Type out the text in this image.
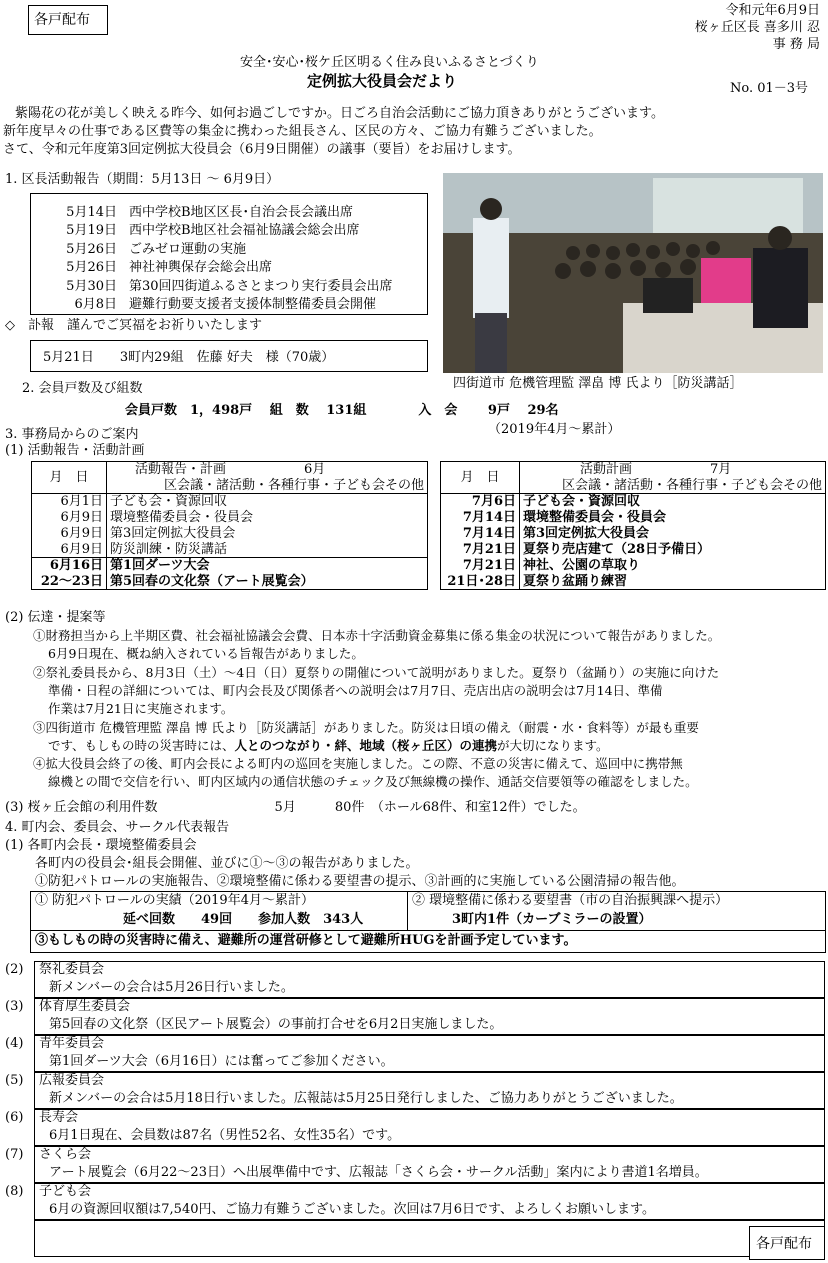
各戸配布
令和元年6月9日
桜ヶ丘区長 喜多川 忍
事 務 局
安全･安心･桜ケ丘区明るく住み良いふるさとづくり
定例拡大役員会だより	No. 01－3号
紫陽花の花が美しく映える昨今、如何お過ごしですか。日ごろ自治会活動にご協力頂きありがとうございます。
新年度早々の仕事である区費等の集金に携わった組長さん、区民の方々、ご協力有難うございました。
さて、令和元年度第3回定例拡大役員会（6月9日開催）の議事（要旨）をお届けします。
1. 区長活動報告（期間：5月13日 ～ 6月9日）
5月14日 西中学校B地区区長･自治会長会議出席
5月19日 西中学校B地区社会福祉協議会総会出席
5月26日 ごみゼロ運動の実施
5月26日 神社神輿保存会総会出席
5月30日 第30回四街道ふるさとまつり実行委員会出席
6月8日 避難行動要支援者支援体制整備委員会開催
◇　訃報　謹んでご冥福をお祈りいたします
5月21日　　3町内29組　佐藤 好夫　様（70歳）
四街道市 危機管理監 澤畠 博 氏より［防災講話］
2. 会員戸数及び組数
会員戸数　1，498戸　 組　数　 131組　　　　入　会　　 9戸　 29名
（2019年4月～累計）
3. 事務局からのご案内
(1) 活動報告・活動計画
月　日	活動報告・計画　　　　　　6月
	区会議・諸活動・各種行事・子ども会その他
6月1日	子ども会・資源回収
6月9日	環境整備委員会・役員会
6月9日	第3回定例拡大役員会
6月9日	防災訓練・防災講話
6月16日	第1回ダーツ大会
22～23日	第5回春の文化祭（アート展覧会）
月　日	活動計画　　　　　　7月
	区会議・諸活動・各種行事・子ども会その他
7月6日	子ども会・資源回収
7月14日	環境整備委員会・役員会
7月14日	第3回定例拡大役員会
7月21日	夏祭り売店建て（28日予備日）
7月21日	神社、公園の草取り
21日･28日	夏祭り盆踊り練習
(2) 伝達・提案等
①財務担当から上半期区費、社会福祉協議会会費、日本赤十字活動資金募集に係る集金の状況について報告がありました。
6月9日現在、概ね納入されている旨報告がありました。
②祭礼委員長から、8月3日（土）～4日（日）夏祭りの開催について説明がありました。夏祭り（盆踊り）の実施に向けた
準備・日程の詳細については、町内会長及び関係者への説明会は7月7日、売店出店の説明会は7月14日、準備
作業は7月21日に実施されます。
③四街道市 危機管理監 澤畠 博 氏より［防災講話］がありました。防災は日頃の備え（耐震・水・食料等）が最も重要
です、もしもの時の災害時には、人とのつながり・絆、地域（桜ヶ丘区）の連携が大切になります。
④拡大役員会終了の後、町内会長による町内の巡回を実施しました。この際、不意の災害に備えて、巡回中に携帯無
線機との間で交信を行い、町内区域内の通信状態のチェック及び無線機の操作、通話交信要領等の確認をしました。
(3) 桜ヶ丘会館の利用件数　　　　　　　　　5月　　　80件　（ホール68件、和室12件）でした。
4. 町内会、委員会、サークル代表報告
(1) 各町内会長・環境整備委員会
各町内の役員会･組長会開催、並びに①～③の報告がありました。
①防犯パトロールの実施報告、②環境整備に係わる要望書の提示、③計画的に実施している公園清掃の報告他。
① 防犯パトロールの実績（2019年4月～累計）
延べ回数　　49回　　参加人数　343人
② 環境整備に係わる要望書（市の自治振興課へ提示）
3町内1件（カーブミラーの設置）
③もしもの時の災害時に備え、避難所の運営研修として避難所HUGを計画予定しています。
(2)	祭礼委員会
新メンバーの会合は5月26日行いました。
(3)	体育厚生委員会
第5回春の文化祭（区民アート展覧会）の事前打合せを6月2日実施しました。
(4)	青年委員会
第1回ダーツ大会（6月16日）には奮ってご参加ください。
(5)	広報委員会
新メンバーの会合は5月18日行いました。広報誌は5月25日発行しました、ご協力ありがとうございました。
(6)	長寿会
6月1日現在、会員数は87名（男性52名、女性35名）です。
(7)	さくら会
アート展覧会（6月22～23日）へ出展準備中です、広報誌「さくら会・サークル活動」案内により書道1名増員。
(8)	子ども会
6月の資源回収額は7,540円、ご協力有難うございました。次回は7月6日です、よろしくお願いします。
各戸配布
